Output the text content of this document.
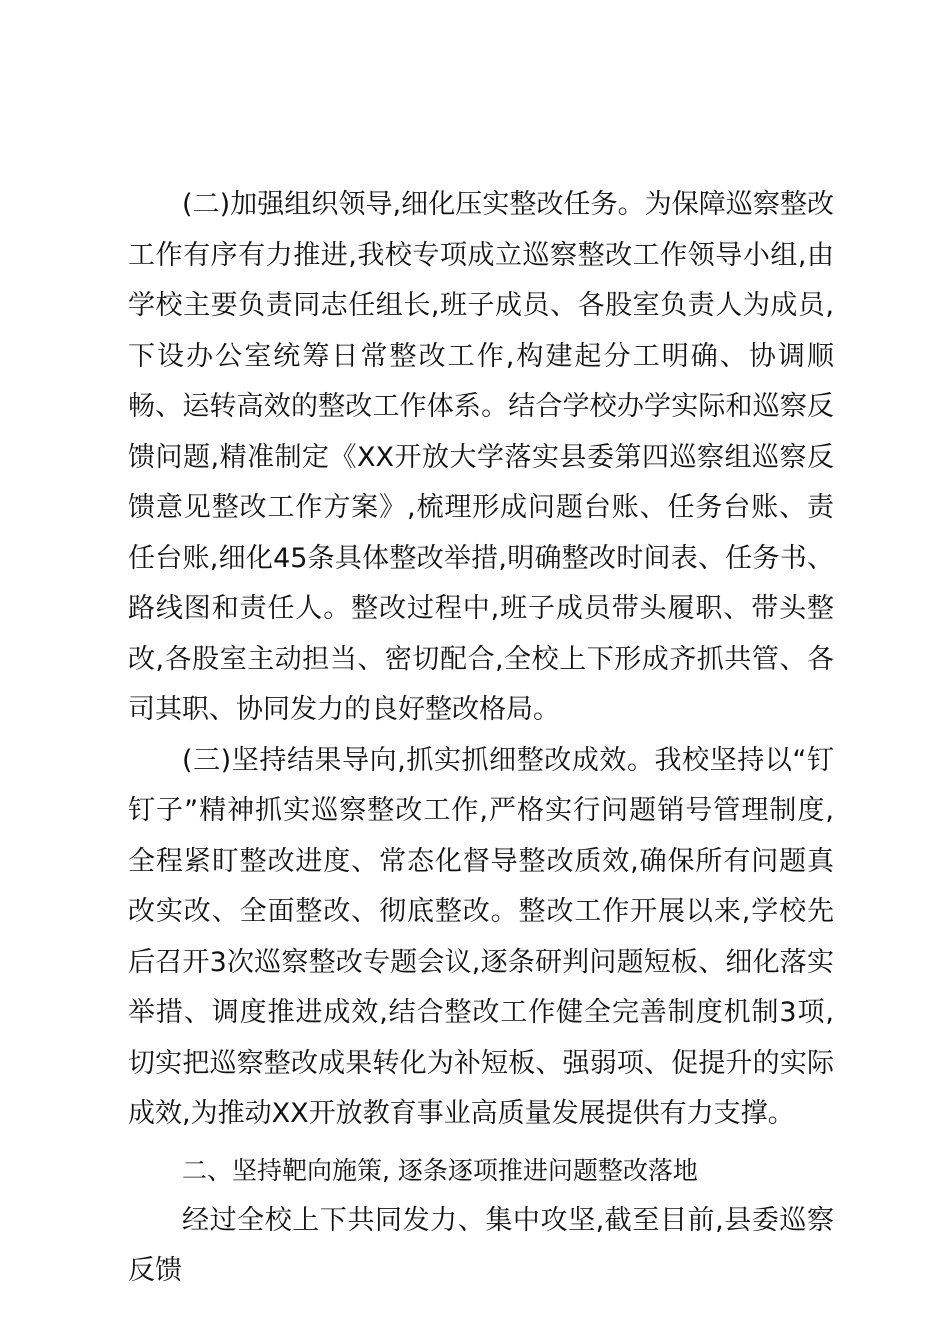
(二)加强组织领导,细化压实整改任务。为保障巡察整改工作有序有力推进,我校专项成立巡察整改工作领导小组,由学校主要负责同志任组长,班子成员、各股室负责人为成员,下设办公室统筹日常整改工作,构建起分工明确、协调顺畅、运转高效的整改工作体系。结合学校办学实际和巡察反馈问题,精准制定《XX开放大学落实县委第四巡察组巡察反馈意见整改工作方案》,梳理形成问题台账、任务台账、责任台账,细化45条具体整改举措,明确整改时间表、任务书、路线图和责任人。整改过程中,班子成员带头履职、带头整改,各股室主动担当、密切配合,全校上下形成齐抓共管、各司其职、协同发力的良好整改格局。

(三)坚持结果导向,抓实抓细整改成效。我校坚持以“钉钉子”精神抓实巡察整改工作,严格实行问题销号管理制度,全程紧盯整改进度、常态化督导整改质效,确保所有问题真改实改、全面整改、彻底整改。整改工作开展以来,学校先后召开3次巡察整改专题会议,逐条研判问题短板、细化落实举措、调度推进成效,结合整改工作健全完善制度机制3项,切实把巡察整改成果转化为补短板、强弱项、促提升的实际成效,为推动XX开放教育事业高质量发展提供有力支撑。

二、坚持靶向施策, 逐条逐项推进问题整改落地

经过全校上下共同发力、集中攻坚,截至目前,县委巡察反馈
